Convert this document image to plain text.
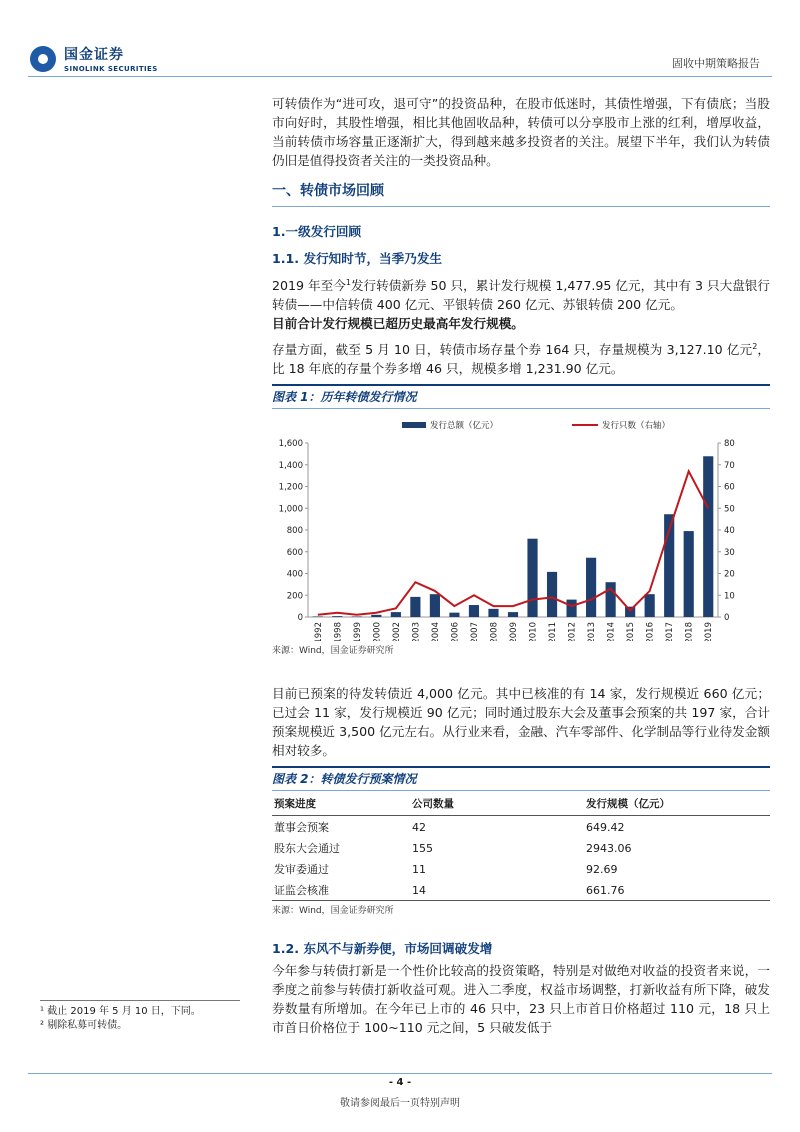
国金证券
SINOLINK SECURITIES	固收中期策略报告

可转债作为“进可攻，退可守”的投资品种，在股市低迷时，其债性增强，下有债底；当股市向好时，其股性增强，相比其他固收品种，转债可以分享股市上涨的红利，增厚收益，当前转债市场容量正逐渐扩大，得到越来越多投资者的关注。展望下半年，我们认为转债仍旧是值得投资者关注的一类投资品种。

一、转债市场回顾
1.一级发行回顾
1.1. 发行知时节，当季乃发生

2019 年至今$^1$发行转债新券 50 只，累计发行规模 1,477.95 亿元，其中有 3 只大盘银行转债——中信转债 400 亿元、平银转债 260 亿元、苏银转债 200 亿元。
目前合计发行规模已超历史最高年发行规模。

存量方面，截至 5 月 10 日，转债市场存量个券 164 只，存量规模为 3,127.10 亿元$^2$，比 18 年底的存量个券多增 46 只，规模多增 1,231.90 亿元。

图表 1：历年转债发行情况
0
200
400
600
800
1,000
1,200
1,400
1,600
0
10
20
30
40
50
60
70
80
1992 1998 1999 2000 2002 2003 2004 2006 2007 2008 2009 2010 2011 2012 2013 2014 2015 2016 2017 2018 2019
发行总额（亿元）	发行只数（右轴）
来源：Wind，国金证券研究所

目前已预案的待发转债近 4,000 亿元。其中已核准的有 14 家，发行规模近 660 亿元；已过会 11 家，发行规模近 90 亿元；同时通过股东大会及董事会预案的共 197 家，合计预案规模近 3,500 亿元左右。从行业来看，金融、汽车零部件、化学制品等行业待发金额相对较多。

图表 2：转债发行预案情况
预案进度	公司数量	发行规模（亿元）
董事会预案	42	649.42
股东大会通过	155	2943.06
发审委通过	11	92.69
证监会核准	14	661.76
来源：Wind，国金证券研究所
1.2. 东风不与新券便，市场回调破发增

今年参与转债打新是一个性价比较高的投资策略，特别是对做绝对收益的投资者来说，一季度之前参与转债打新收益可观。进入二季度，权益市场调整，打新收益有所下降，破发券数量有所增加。在今年已上市的 46 只中，23 只上市首日价格超过 110 元，18 只上市首日价格位于 100~110 元之间，5 只破发低于

¹ 截止 2019 年 5 月 10 日，下同。
² 剔除私募可转债。
- 4 -
敬请参阅最后一页特别声明
